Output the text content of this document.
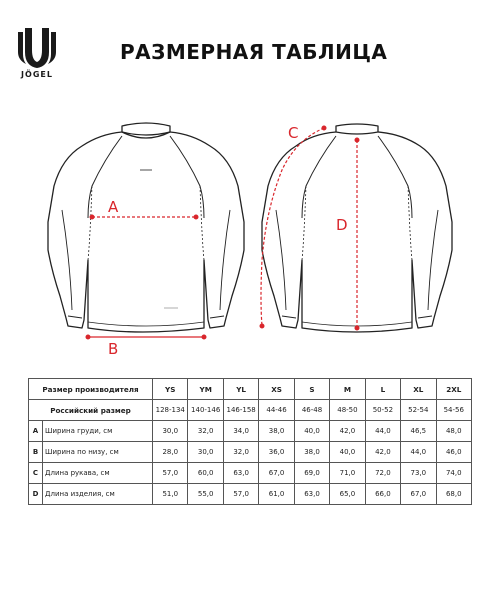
JÖGEL
РАЗМЕРНАЯ ТАБЛИЦА
A
B
C
D
Размер производителя		YS	YM	YL	XS	S	M	L	XL	2XL
Российский размер		128-134	140-146	146-158	44-46	46-48	48-50	50-52	52-54	54-56
A	Ширина груди, см	30,0	32,0	34,0	38,0	40,0	42,0	44,0	46,5	48,0
B	Ширина по низу, см	28,0	30,0	32,0	36,0	38,0	40,0	42,0	44,0	46,0
C	Длина рукава, см	57,0	60,0	63,0	67,0	69,0	71,0	72,0	73,0	74,0
D	Длина изделия, см	51,0	55,0	57,0	61,0	63,0	65,0	66,0	67,0	68,0
